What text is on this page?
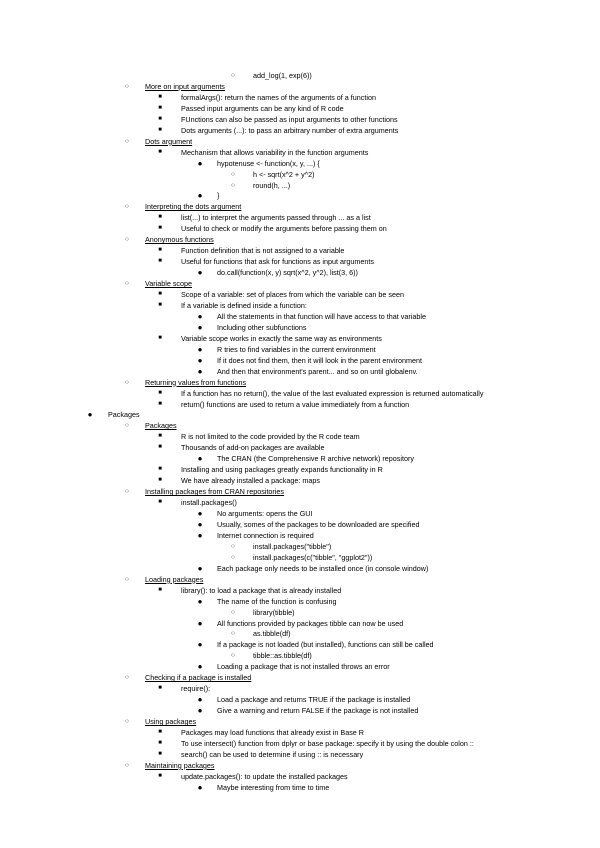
○	add_log(1, exp(6))
○	More on input arguments
■	formalArgs(): return the names of the arguments of a function
■	Passed input arguments can be any kind of R code
■	FUnctions can also be passed as input arguments to other functions
■	Dots arguments (...): to pass an arbitrary number of extra arguments
○	Dots argument
■	Mechanism that allows variability in the function arguments
●	hypotenuse <- function(x, y, ...) {
○	h <- sqrt(x^2 + y^2)
○	round(h, ...)
●	}
○	Interpreting the dots argument
■	list(...) to interpret the arguments passed through ... as a list
■	Useful to check or modify the arguments before passing them on
○	Anonymous functions
■	Function definition that is not assigned to a variable
■	Useful for functions that ask for functions as input arguments
●	do.call(function(x, y) sqrt(x^2, y^2), list(3, 6))
○	Variable scope
■	Scope of a variable: set of places from which the variable can be seen
■	If a variable is defined inside a function:
●	All the statements in that function will have access to that variable
●	Including other subfunctions
■	Variable scope works in exactly the same way as environments
●	R tries to find variables in the current environment
●	If it does not find them, then it will look in the parent environment
●	And then that environment's parent... and so on until globalenv.
○	Returning values from functions
■	If a function has no return(), the value of the last evaluated expression is returned automatically
■	return() functions are used to return a value immediately from a function
●	Packages
○	Packages
■	R is not limited to the code provided by the R code team
■	Thousands of add-on packages are available
●	The CRAN (the Comprehensive R archive network) repository
■	Installing and using packages greatly expands functionality in R
■	We have already installed a package: maps
○	Installing packages from CRAN repositories
■	install.packages()
●	No arguments: opens the GUI
●	Usually, somes of the packages to be downloaded are specified
●	Internet connection is required
○	install.packages("tibble")
○	install.packages(c("tibble", "ggplot2"))
●	Each package only needs to be installed once (in console window)
○	Loading packages
■	library(): to load a package that is already installed
●	The name of the function is confusing
○	library(tibble)
●	All functions provided by packages tibble can now be used
○	as.tibble(df)
●	If a package is not loaded (but installed), functions can still be called
○	tibble::as.tibble(df)
●	Loading a package that is not installed throws an error
○	Checking if a package is installed
■	require():
●	Load a package and returns TRUE if the package is installed
●	Give a warning and return FALSE if the package is not installed
○	Using packages
■	Packages may load functions that already exist in Base R
■	To use intersect() function from dplyr or base package: specify it by using the double colon ::
■	search() can be used to determine if using :: is necessary
○	Maintaining packages
■	update.packages(): to update the installed packages
●	Maybe interesting from time to time
